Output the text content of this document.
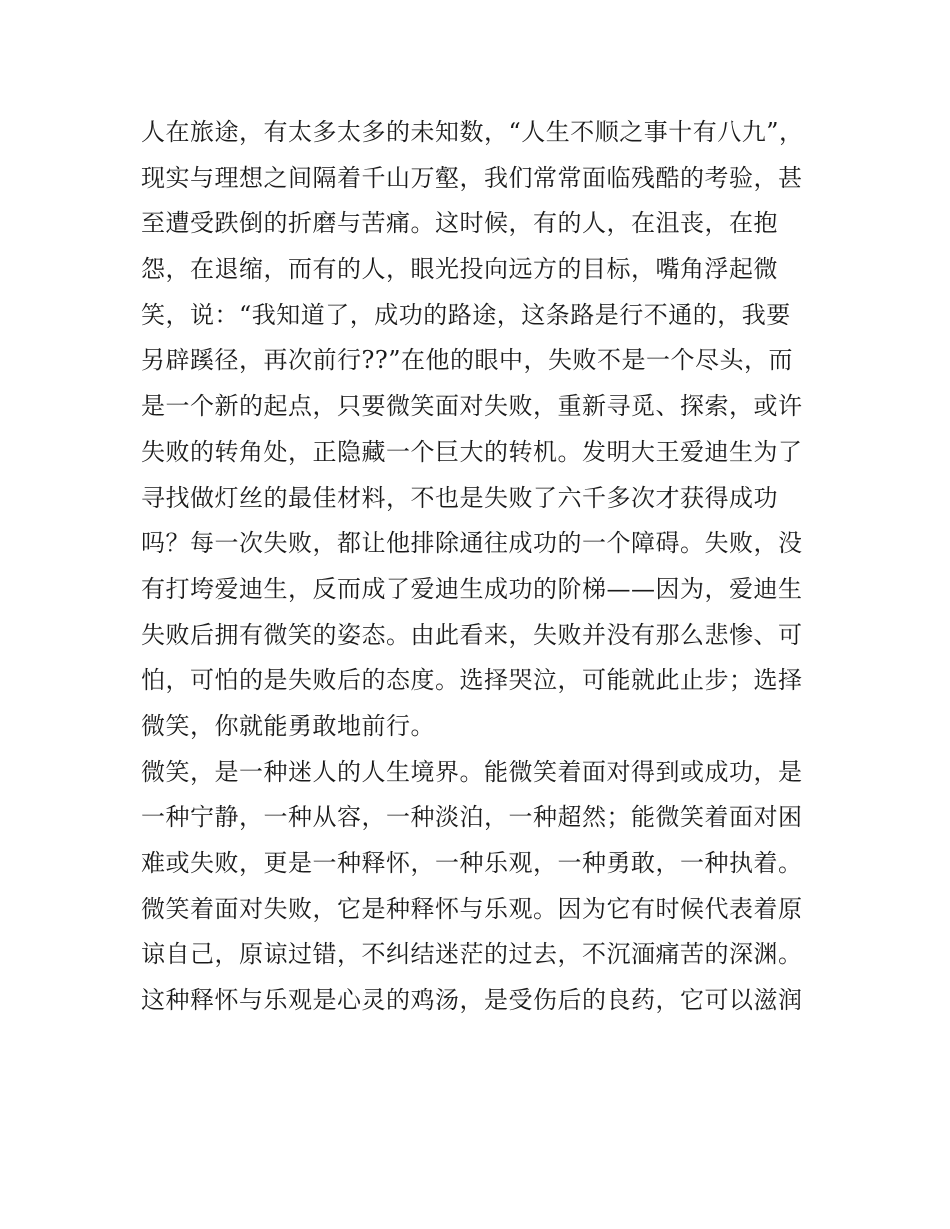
人在旅途，有太多太多的未知数，“人生不顺之事十有八九”，
现实与理想之间隔着千山万壑，我们常常面临残酷的考验，甚
至遭受跌倒的折磨与苦痛。这时候，有的人，在沮丧，在抱
怨，在退缩，而有的人，眼光投向远方的目标，嘴角浮起微
笑，说：“我知道了，成功的路途，这条路是行不通的，我要
另辟蹊径，再次前行??”在他的眼中，失败不是一个尽头，而
是一个新的起点，只要微笑面对失败，重新寻觅、探索，或许
失败的转角处，正隐藏一个巨大的转机。发明大王爱迪生为了
寻找做灯丝的最佳材料，不也是失败了六千多次才获得成功
吗？每一次失败，都让他排除通往成功的一个障碍。失败，没
有打垮爱迪生，反而成了爱迪生成功的阶梯——因为，爱迪生
失败后拥有微笑的姿态。由此看来，失败并没有那么悲惨、可
怕，可怕的是失败后的态度。选择哭泣，可能就此止步；选择
微笑，你就能勇敢地前行。
微笑，是一种迷人的人生境界。能微笑着面对得到或成功，是
一种宁静，一种从容，一种淡泊，一种超然；能微笑着面对困
难或失败，更是一种释怀，一种乐观，一种勇敢，一种执着。
微笑着面对失败，它是种释怀与乐观。因为它有时候代表着原
谅自己，原谅过错，不纠结迷茫的过去，不沉湎痛苦的深渊。
这种释怀与乐观是心灵的鸡汤，是受伤后的良药，它可以滋润
